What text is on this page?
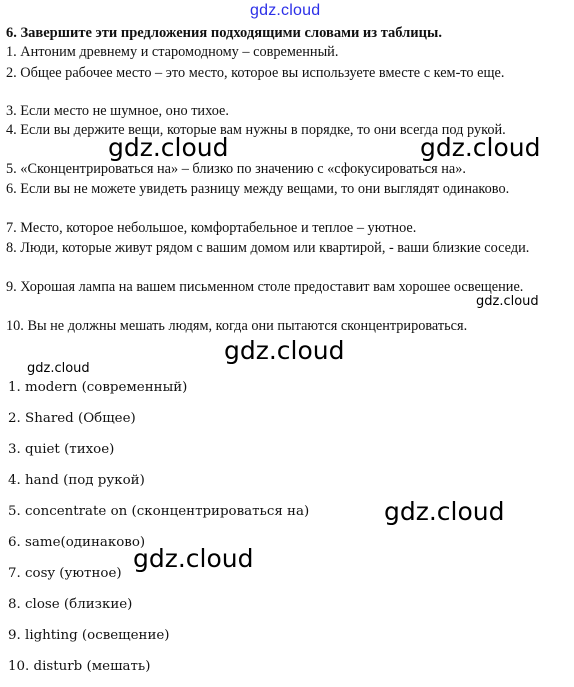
gdz.cloud
6. Завершите эти предложения подходящими словами из таблицы.
1. Антоним древнему и старомодному – современный.
2. Общее рабочее место – это место, которое вы используете вместе с кем-то еще.
3. Если место не шумное, оно тихое.
4. Если вы держите вещи, которые вам нужны в порядке, то они всегда под рукой.
5. «Сконцентрироваться на» – близко по значению с «сфокусироваться на».
6. Если вы не можете увидеть разницу между вещами, то они выглядят одинаково.
7. Место, которое небольшое, комфортабельное и теплое – уютное.
8. Люди, которые живут рядом с вашим домом или квартирой, - ваши близкие соседи.
9. Хорошая лампа на вашем письменном столе предоставит вам хорошее освещение.
10. Вы не должны мешать людям, когда они пытаются сконцентрироваться.
1. modern (современный)
2. Shared (Общее)
3. quiet (тихое)
4. hand (под рукой)
5. concentrate on (сконцентрироваться на)
6. same(одинаково)
7. cosy (уютное)
8. close (близкие)
9. lighting (освещение)
10. disturb (мешать)
gdz.cloud	gdz.cloud
gdz.cloud
gdz.cloud
gdz.cloud
gdz.cloud
gdz.cloud
